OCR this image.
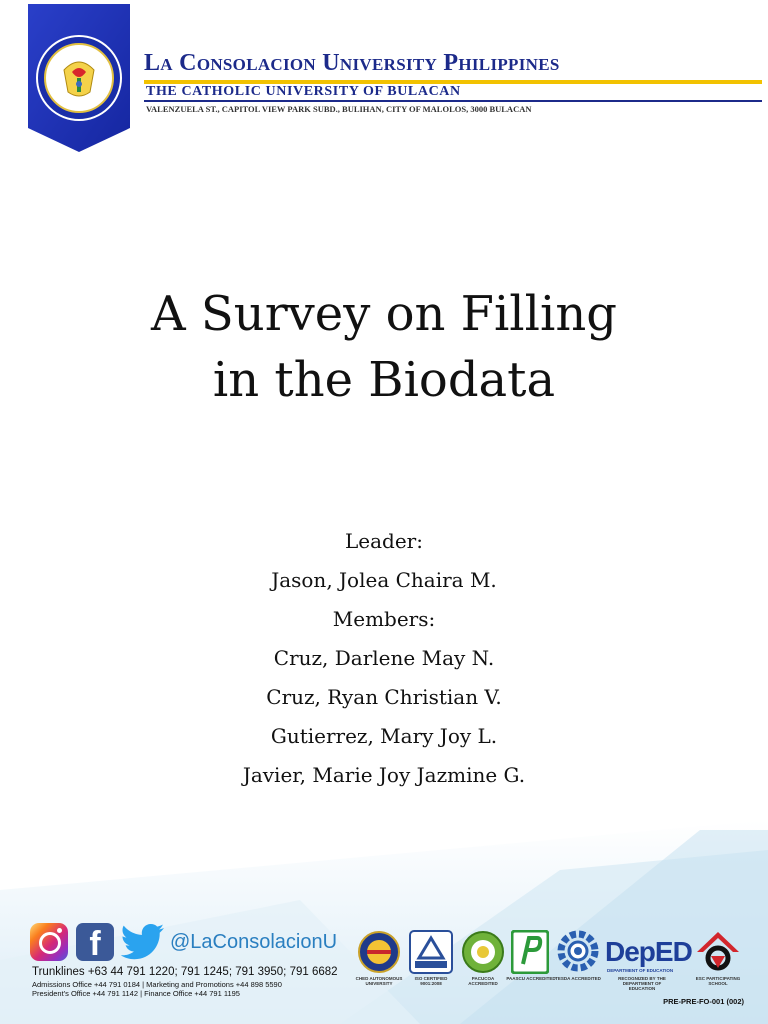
La Consolacion University Philippines
THE CATHOLIC UNIVERSITY OF BULACAN
VALENZUELA ST., CAPITOL VIEW PARK SUBD., BULIHAN, CITY OF MALOLOS, 3000 BULACAN
A Survey on Filling
in the Biodata
Leader:
Jason, Jolea Chaira M.
Members:
Cruz, Darlene May N.
Cruz, Ryan Christian V.
Gutierrez, Mary Joy L.
Javier, Marie Joy Jazmine G.
f	@LaConsolacionU
Trunklines +63 44 791 1220; 791 1245; 791 3950; 791 6682
Admissions Office +44 791 0184 | Marketing and Promotions +44 898 5590
President's Office +44 791 1142 | Finance Office +44 791 1195
CHED AUTONOMOUS UNIVERSITY
ISO CERTIFIED 9001:2008
PACUCOA ACCREDITED
PAASCU ACCREDITED TESDA ACCREDITED
DepED
DEPARTMENT OF EDUCATION
RECOGNIZED BY THE DEPARTMENT OF EDUCATION
ESC PARTICIPATING SCHOOL
PRE-PRE-FO-001 (002)
